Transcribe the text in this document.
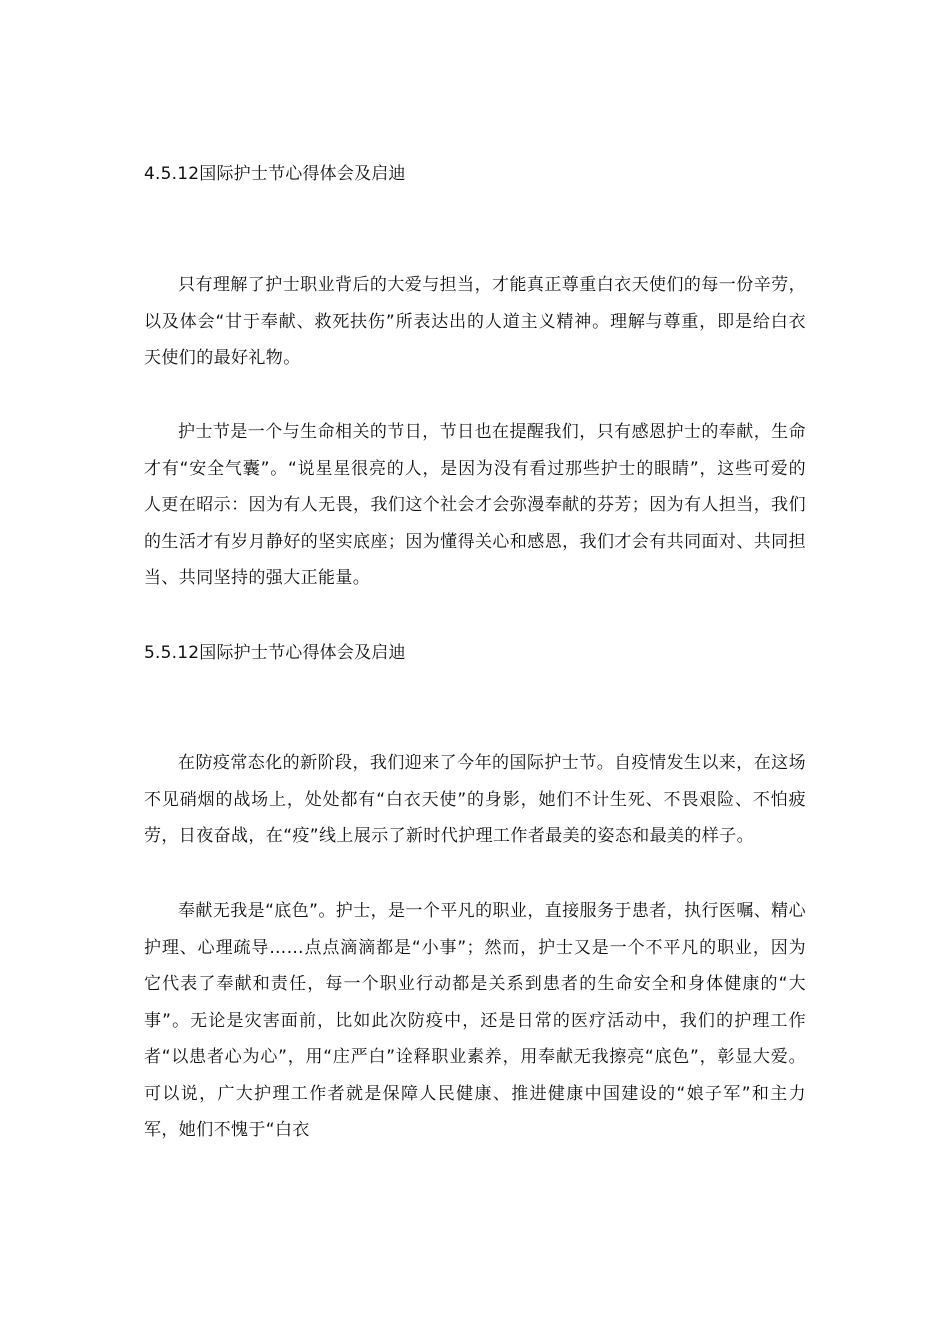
4.5.12国际护士节心得体会及启迪

只有理解了护士职业背后的大爱与担当，才能真正尊重白衣天使们的每一份辛劳，以及体会“甘于奉献、救死扶伤”所表达出的人道主义精神。理解与尊重，即是给白衣天使们的最好礼物。

护士节是一个与生命相关的节日，节日也在提醒我们，只有感恩护士的奉献，生命才有“安全气囊”。“说星星很亮的人，是因为没有看过那些护士的眼睛”，这些可爱的人更在昭示：因为有人无畏，我们这个社会才会弥漫奉献的芬芳；因为有人担当，我们的生活才有岁月静好的坚实底座；因为懂得关心和感恩，我们才会有共同面对、共同担当、共同坚持的强大正能量。

5.5.12国际护士节心得体会及启迪

在防疫常态化的新阶段，我们迎来了今年的国际护士节。自疫情发生以来，在这场不见硝烟的战场上，处处都有“白衣天使”的身影，她们不计生死、不畏艰险、不怕疲劳，日夜奋战，在“疫”线上展示了新时代护理工作者最美的姿态和最美的样子。

奉献无我是“底色”。护士，是一个平凡的职业，直接服务于患者，执行医嘱、精心护理、心理疏导……点点滴滴都是“小事”；然而，护士又是一个不平凡的职业，因为它代表了奉献和责任，每一个职业行动都是关系到患者的生命安全和身体健康的“大事”。无论是灾害面前，比如此次防疫中，还是日常的医疗活动中，我们的护理工作者“以患者心为心”，用“庄严白”诠释职业素养，用奉献无我擦亮“底色”，彰显大爱。可以说，广大护理工作者就是保障人民健康、推进健康中国建设的“娘子军”和主力军，她们不愧于“白衣
